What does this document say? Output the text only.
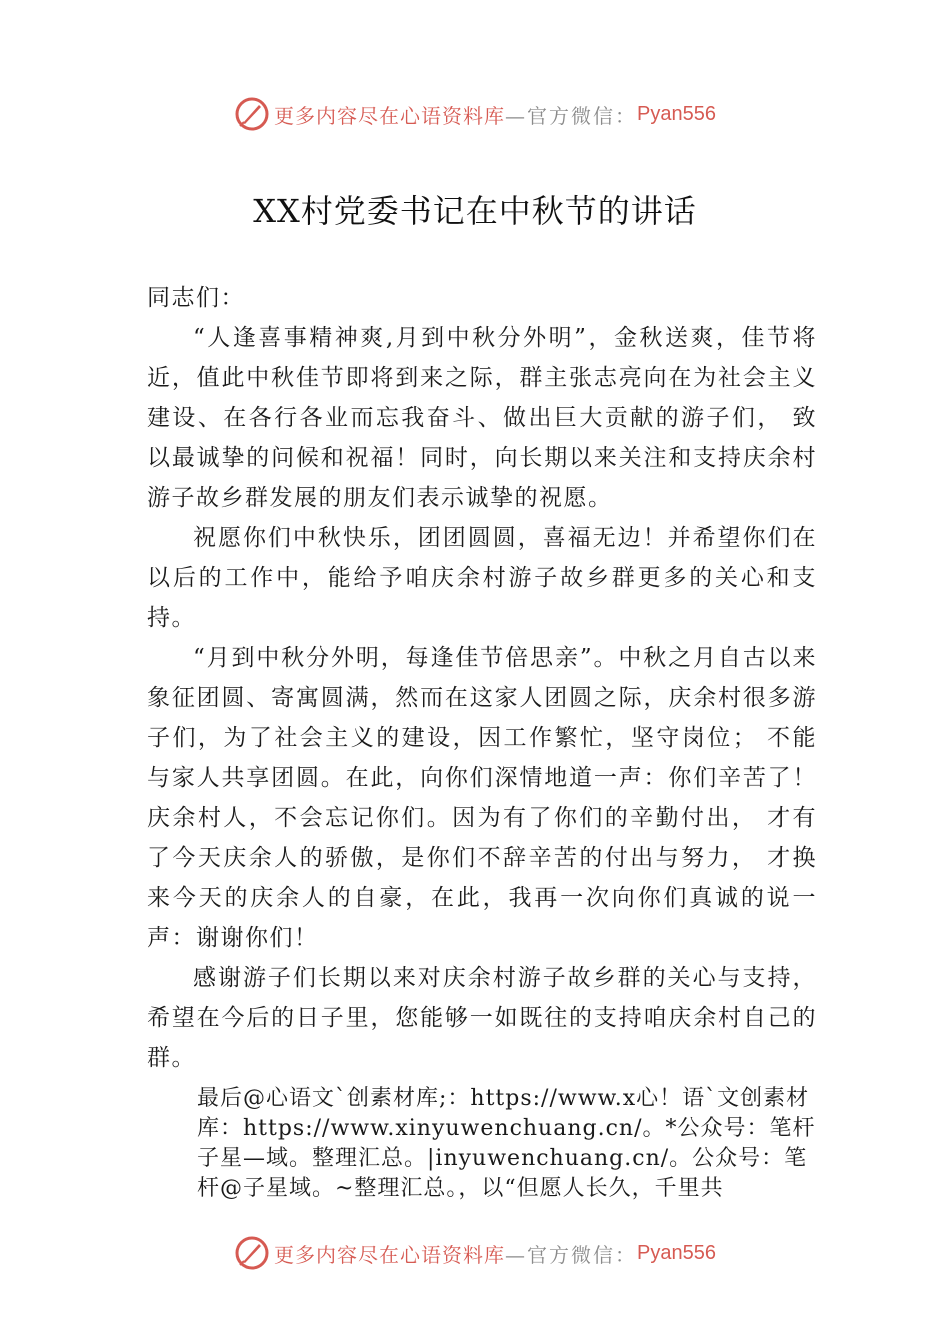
更多内容尽在心语资料库 —官方微信： Pyan556
XX村党委书记在中秋节的讲话

同志们：

“人逢喜事精神爽,月到中秋分外明”，金秋送爽，佳节将近，值此中秋佳节即将到来之际，群主张志亮向在为社会主义建设、在各行各业而忘我奋斗、做出巨大贡献的游子们， 致以最诚挚的问候和祝福！同时，向长期以来关注和支持庆余村游子故乡群发展的朋友们表示诚挚的祝愿。

祝愿你们中秋快乐，团团圆圆，喜福无边！并希望你们在以后的工作中，能给予咱庆余村游子故乡群更多的关心和支持。

“月到中秋分外明，每逢佳节倍思亲”。中秋之月自古以来象征团圆、寄寓圆满，然而在这家人团圆之际，庆余村很多游子们，为了社会主义的建设，因工作繁忙，坚守岗位； 不能与家人共享团圆。在此，向你们深情地道一声：你们辛苦了！庆余村人，不会忘记你们。因为有了你们的辛勤付出， 才有了今天庆余人的骄傲，是你们不辞辛苦的付出与努力， 才换来今天的庆余人的自豪，在此，我再一次向你们真诚的说一声：谢谢你们！

感谢游子们长期以来对庆余村游子故乡群的关心与支持，希望在今后的日子里，您能够一如既往的支持咱庆余村自己的群。

最后@心语文`创素材库;：https://www.x心！语`文创素材库：https://www.xinyuwenchuang.cn/。*公众号：笔杆子星—域。整理汇总。|inyuwenchuang.cn/。公众号：笔杆@子星域。~整理汇总。，以“但愿人长久，千里共
更多内容尽在心语资料库 —官方微信： Pyan556
